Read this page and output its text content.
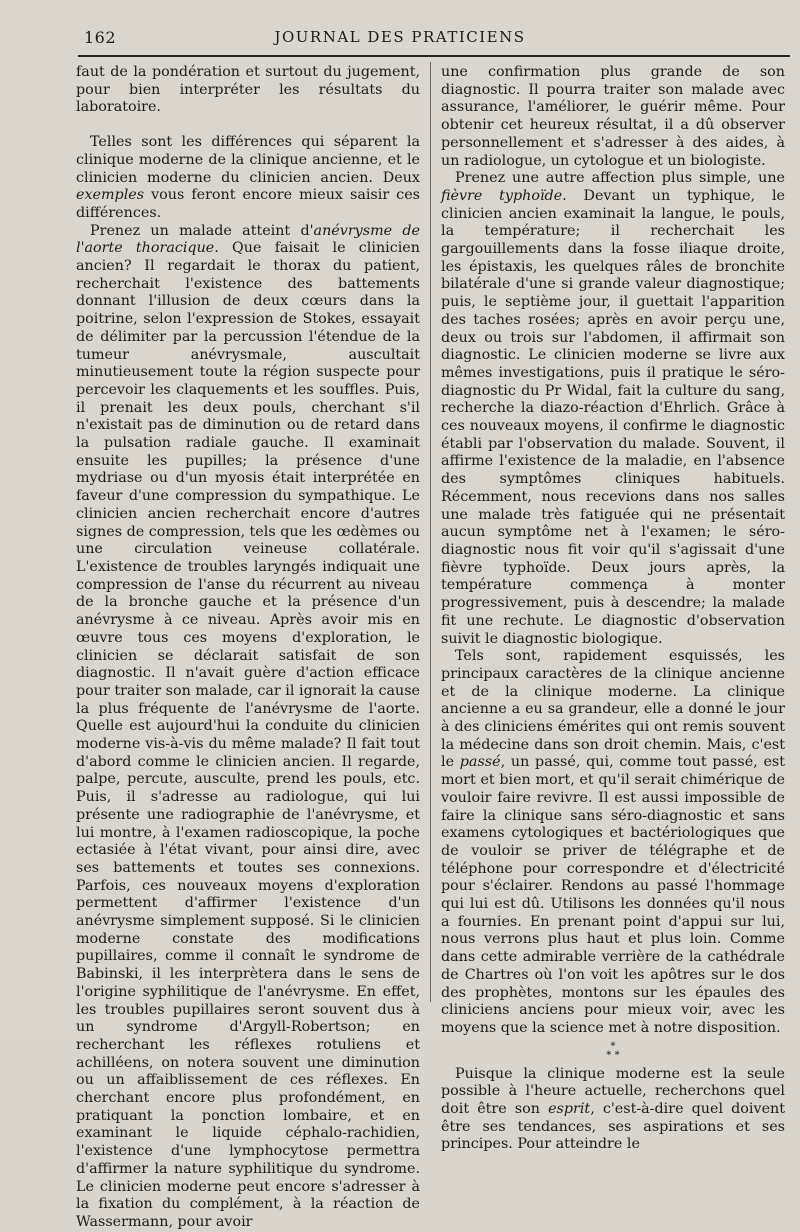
162	JOURNAL DES PRATICIENS

faut de la pondération et surtout du jugement, pour bien interpréter les résultats du laboratoire.

Telles sont les différences qui séparent la clinique moderne de la clinique ancienne, et le clinicien moderne du clinicien ancien. Deux exemples vous feront encore mieux saisir ces différences.

Prenez un malade atteint d'anévrysme de l'aorte thoracique. Que faisait le clinicien ancien? Il regardait le thorax du patient, recherchait l'existence des battements donnant l'illusion de deux cœurs dans la poitrine, selon l'expression de Stokes, essayait de délimiter par la percussion l'étendue de la tumeur anévrysmale, auscultait minutieusement toute la région suspecte pour percevoir les claquements et les souffles. Puis, il prenait les deux pouls, cherchant s'il n'existait pas de diminution ou de retard dans la pulsation radiale gauche. Il examinait ensuite les pupilles; la présence d'une mydriase ou d'un myosis était interprétée en faveur d'une compression du sympathique. Le clinicien ancien recherchait encore d'autres signes de compression, tels que les œdèmes ou une circulation veineuse collatérale. L'existence de troubles laryngés indiquait une compression de l'anse du récurrent au niveau de la bronche gauche et la présence d'un anévrysme à ce niveau. Après avoir mis en œuvre tous ces moyens d'exploration, le clinicien se déclarait satisfait de son diagnostic. Il n'avait guère d'action efficace pour traiter son malade, car il ignorait la cause la plus fréquente de l'anévrysme de l'aorte. Quelle est aujourd'hui la conduite du clinicien moderne vis-à-vis du même malade? Il fait tout d'abord comme le clinicien ancien. Il regarde, palpe, percute, ausculte, prend les pouls, etc. Puis, il s'adresse au radiologue, qui lui présente une radiographie de l'anévrysme, et lui montre, à l'examen radioscopique, la poche ectasiée à l'état vivant, pour ainsi dire, avec ses battements et toutes ses connexions. Parfois, ces nouveaux moyens d'exploration permettent d'affirmer l'existence d'un anévrysme simplement supposé. Si le clinicien moderne constate des modifications pupillaires, comme il connaît le syndrome de Babinski, il les interprètera dans le sens de l'origine syphilitique de l'anévrysme. En effet, les troubles pupillaires seront souvent dus à un syndrome d'Argyll-Robertson; en recherchant les réflexes rotuliens et achilléens, on notera souvent une diminution ou un affaiblissement de ces réflexes. En cherchant encore plus profondément, en pratiquant la ponction lombaire, et en examinant le liquide céphalo-rachidien, l'existence d'une lymphocytose permettra d'affirmer la nature syphilitique du syndrome. Le clinicien moderne peut encore s'adresser à la fixation du complément, à la réaction de Wassermann, pour avoir

une confirmation plus grande de son diagnostic. Il pourra traiter son malade avec assurance, l'améliorer, le guérir même. Pour obtenir cet heureux résultat, il a dû observer personnellement et s'adresser à des aides, à un radiologue, un cytologue et un biologiste.

Prenez une autre affection plus simple, une fièvre typhoïde. Devant un typhique, le clinicien ancien examinait la langue, le pouls, la température; il recherchait les gargouillements dans la fosse iliaque droite, les épistaxis, les quelques râles de bronchite bilatérale d'une si grande valeur diagnostique; puis, le septième jour, il guettait l'apparition des taches rosées; après en avoir perçu une, deux ou trois sur l'abdomen, il affirmait son diagnostic. Le clinicien moderne se livre aux mêmes investigations, puis il pratique le séro-diagnostic du Pr Widal, fait la culture du sang, recherche la diazo-réaction d'Ehrlich. Grâce à ces nouveaux moyens, il confirme le diagnostic établi par l'observation du malade. Souvent, il affirme l'existence de la maladie, en l'absence des symptômes cliniques habituels. Récemment, nous recevions dans nos salles une malade très fatiguée qui ne présentait aucun symptôme net à l'examen; le séro-diagnostic nous fit voir qu'il s'agissait d'une fièvre typhoïde. Deux jours après, la température commença à monter progressivement, puis à descendre; la malade fit une rechute. Le diagnostic d'observation suivit le diagnostic biologique.

Tels sont, rapidement esquissés, les principaux caractères de la clinique ancienne et de la clinique moderne. La clinique ancienne a eu sa grandeur, elle a donné le jour à des cliniciens émérites qui ont remis souvent la médecine dans son droit chemin. Mais, c'est le passé, un passé, qui, comme tout passé, est mort et bien mort, et qu'il serait chimérique de vouloir faire revivre. Il est aussi impossible de faire la clinique sans séro-diagnostic et sans examens cytologiques et bactériologiques que de vouloir se priver de télégraphe et de téléphone pour correspondre et d'électricité pour s'éclairer. Rendons au passé l'hommage qui lui est dû. Utilisons les données qu'il nous a fournies. En prenant point d'appui sur lui, nous verrons plus haut et plus loin. Comme dans cette admirable verrière de la cathédrale de Chartres où l'on voit les apôtres sur le dos des prophètes, montons sur les épaules des cliniciens anciens pour mieux voir, avec les moyens que la science met à notre disposition.

*
* *

Puisque la clinique moderne est la seule possible à l'heure actuelle, recherchons quel doit être son esprit, c'est-à-dire quel doivent être ses tendances, ses aspirations et ses principes. Pour atteindre le
